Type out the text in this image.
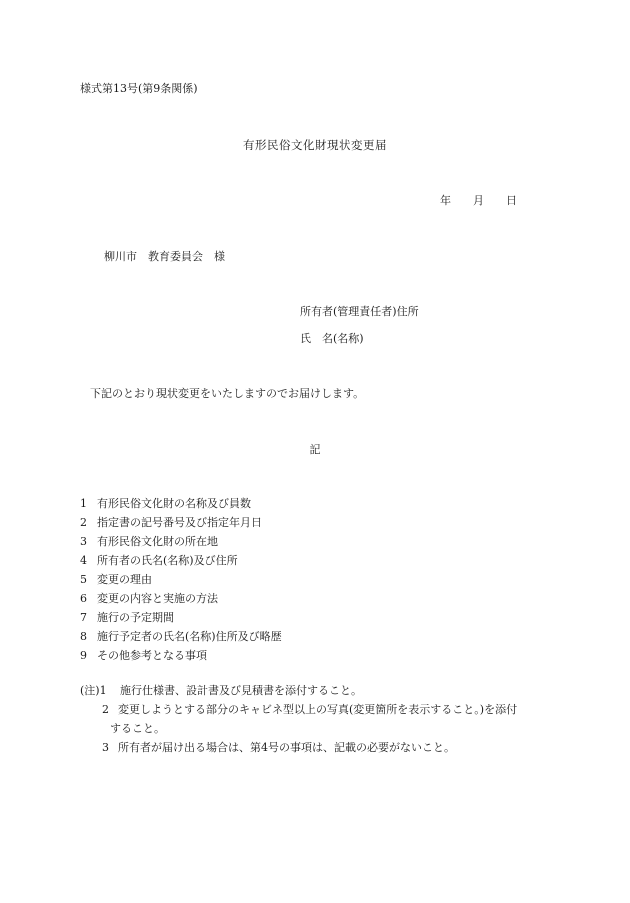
様式第13号(第9条関係)
有形民俗文化財現状変更届
年 月 日
柳川市　教育委員会　様
所有者(管理責任者)住所
氏　名(名称)
下記のとおり現状変更をいたしますのでお届けします。
記
1 有形民俗文化財の名称及び員数
2 指定書の記号番号及び指定年月日
3 有形民俗文化財の所在地
4 所有者の氏名(名称)及び住所
5 変更の理由
6 変更の内容と実施の方法
7 施行の予定期間
8 施行予定者の氏名(名称)住所及び略歴
9 その他参考となる事項
(注)1 施行仕様書、設計書及び見積書を添付すること。
2 変更しようとする部分のキャビネ型以上の写真(変更箇所を表示すること。)を添付
すること。
3 所有者が届け出る場合は、第4号の事項は、記載の必要がないこと。
